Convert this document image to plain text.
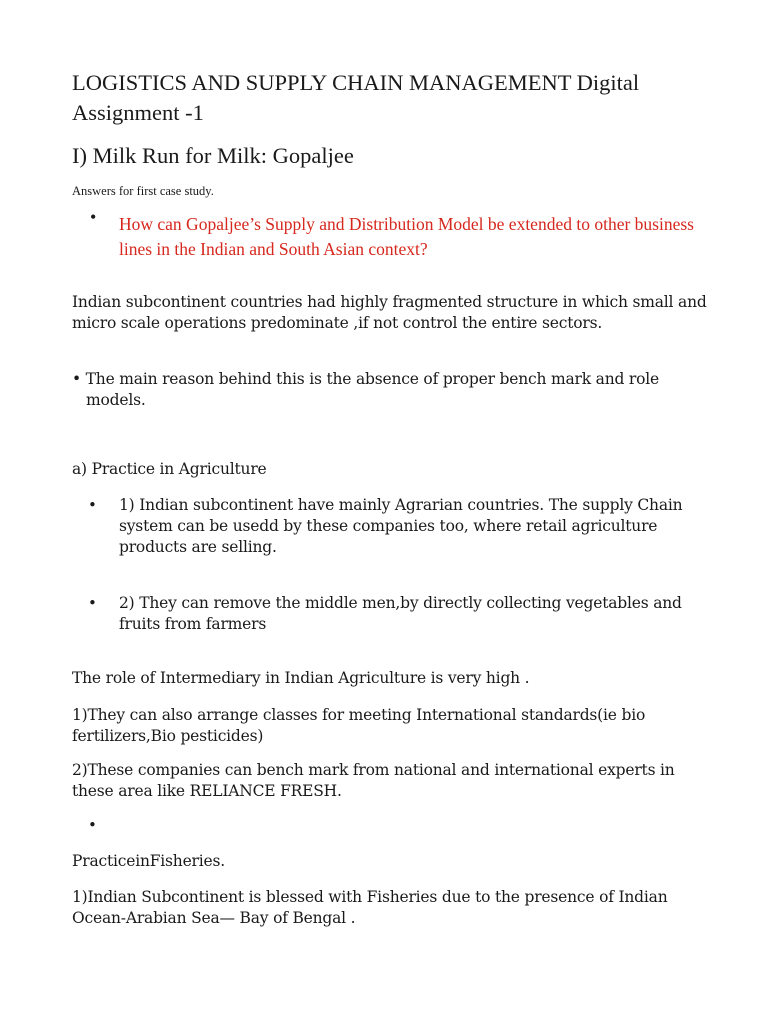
LOGISTICS AND SUPPLY CHAIN MANAGEMENT Digital Assignment -1
I) Milk Run for Milk: Gopaljee
Answers for first case study.
• How can Gopaljee’s Supply and Distribution Model be extended to other business lines in the Indian and South Asian context?
Indian subcontinent countries had highly fragmented structure in which small and micro scale operations predominate ,if not control the entire sectors.
• The main reason behind this is the absence of proper bench mark and role models.
a) Practice in Agriculture
• 1) Indian subcontinent have mainly Agrarian countries. The supply Chain system can be usedd by these companies too, where retail agriculture products are selling.
• 2) They can remove the middle men,by directly collecting vegetables and fruits from farmers
The role of Intermediary in Indian Agriculture is very high .
1)They can also arrange classes for meeting International standards(ie bio fertilizers,Bio pesticides)
2)These companies can bench mark from national and international experts in these area like RELIANCE FRESH.
•
PracticeinFisheries.
1)Indian Subcontinent is blessed with Fisheries due to the presence of Indian Ocean-Arabian Sea— Bay of Bengal .
